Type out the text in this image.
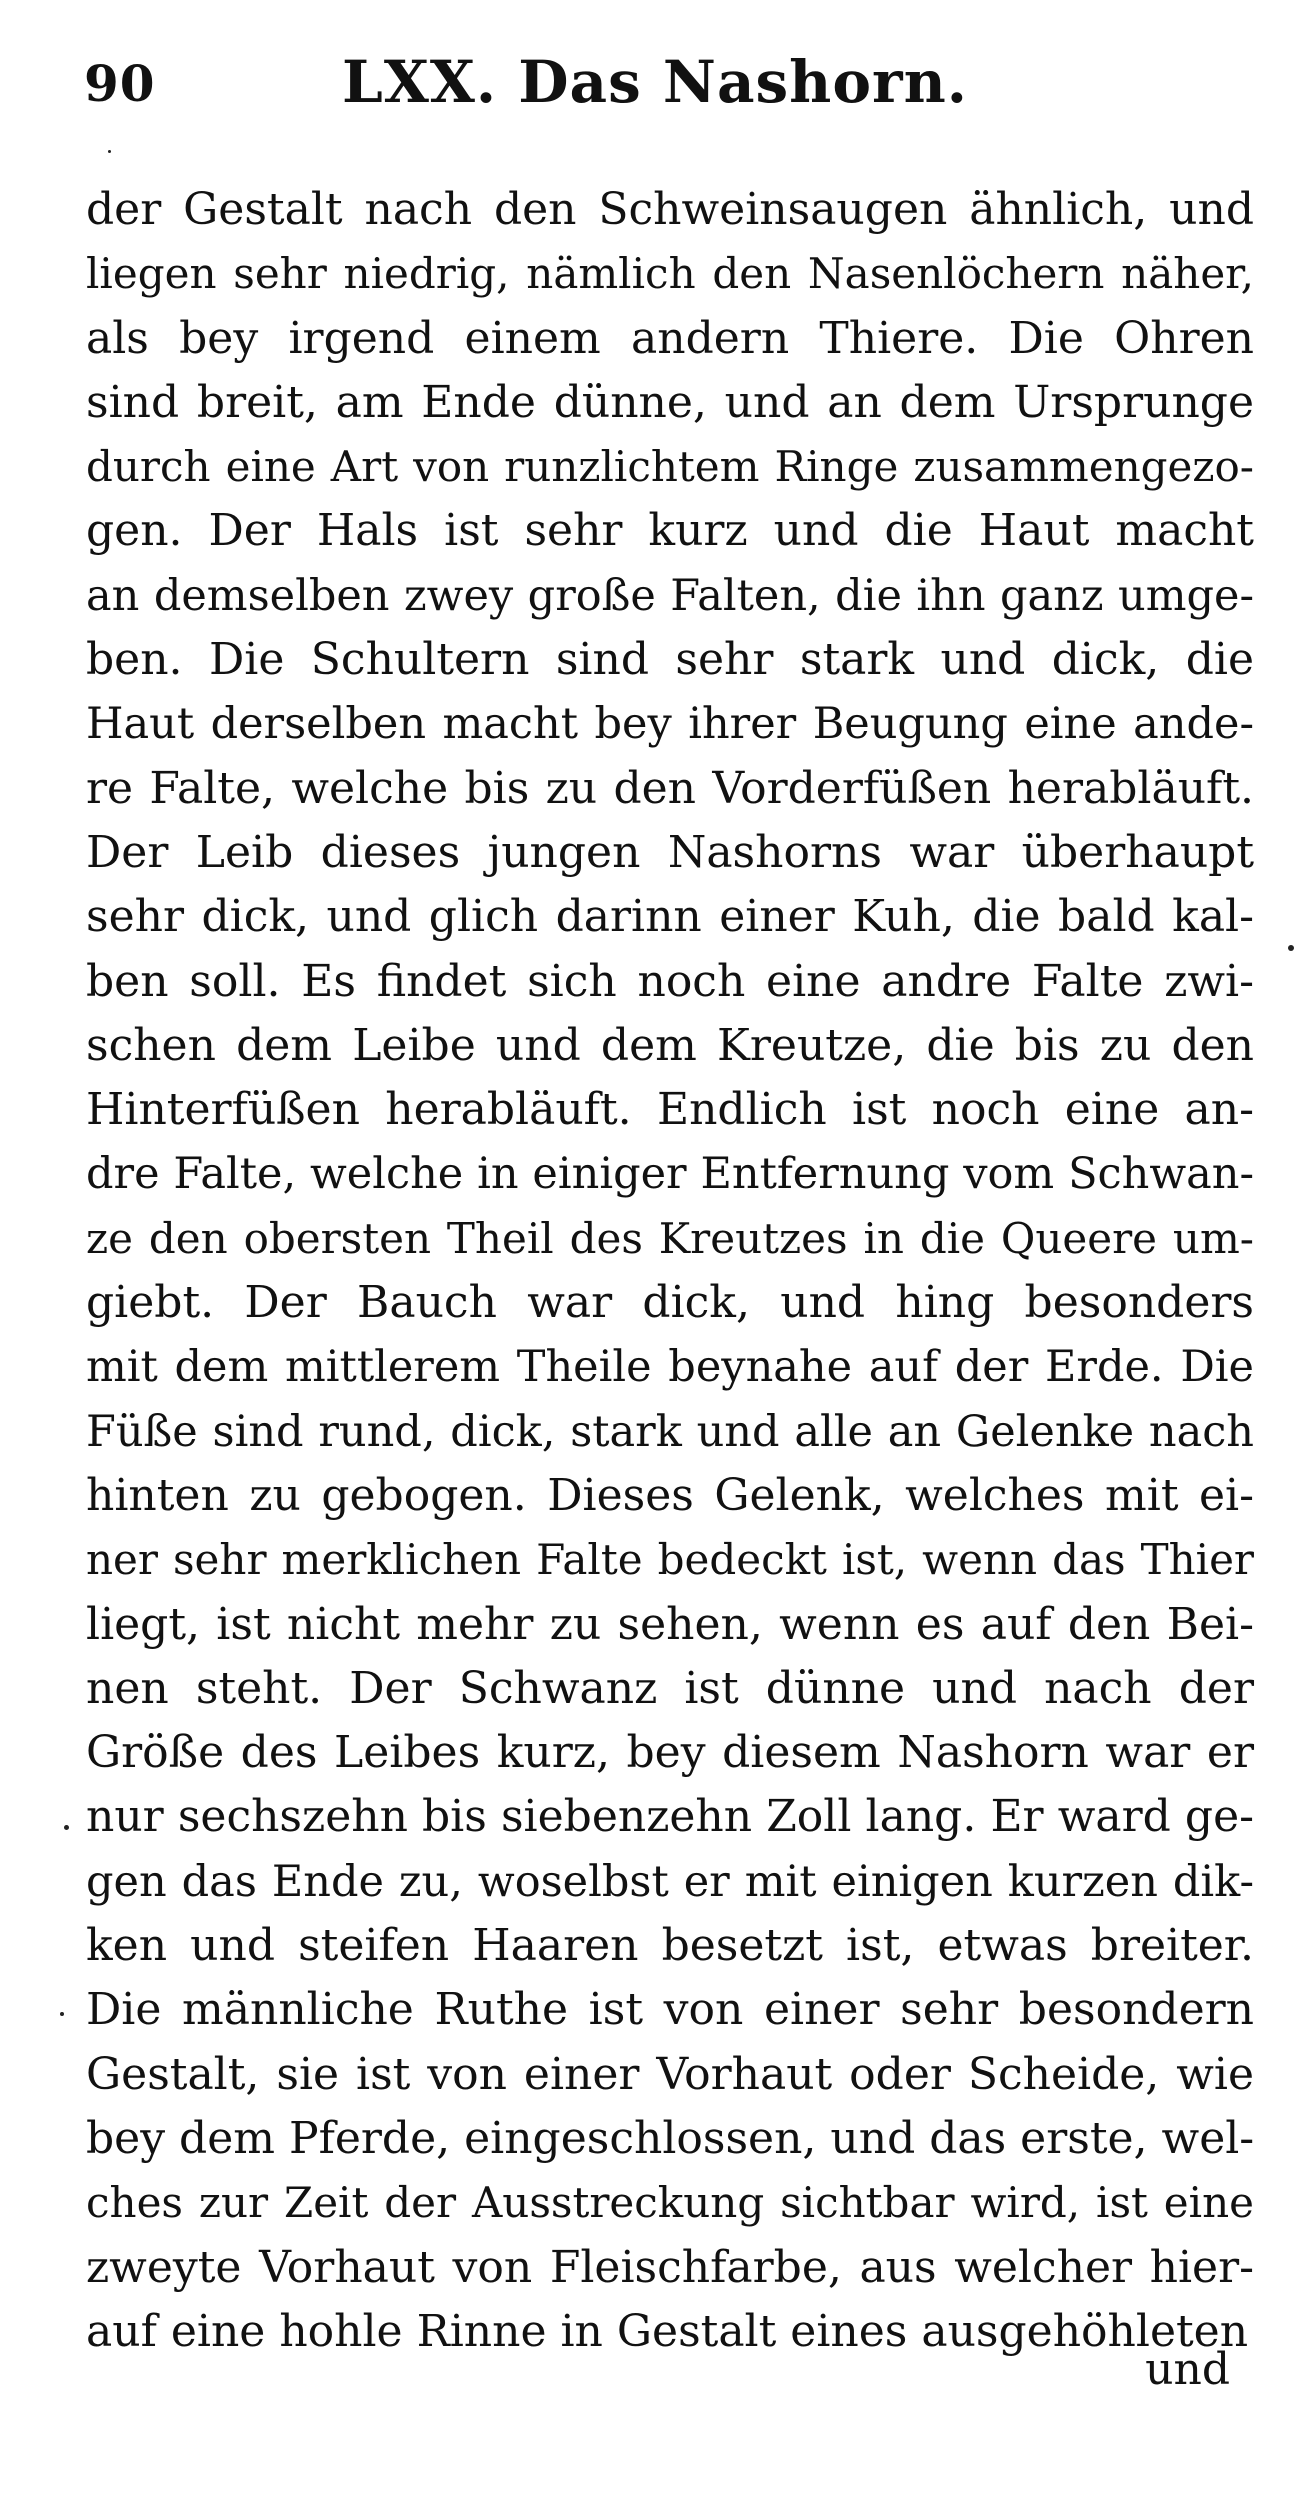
90	LXX. Das Nashorn.
der Gestalt nach den Schweinsaugen ähnlich, und
liegen sehr niedrig, nämlich den Nasenlöchern näher,
als bey irgend einem andern Thiere. Die Ohren
sind breit, am Ende dünne, und an dem Ursprunge
durch eine Art von runzlichtem Ringe zusammengezo-
gen. Der Hals ist sehr kurz und die Haut macht
an demselben zwey große Falten, die ihn ganz umge-
ben. Die Schultern sind sehr stark und dick, die
Haut derselben macht bey ihrer Beugung eine ande-
re Falte, welche bis zu den Vorderfüßen herabläuft.
Der Leib dieses jungen Nashorns war überhaupt
sehr dick, und glich darinn einer Kuh, die bald kal-
ben soll. Es findet sich noch eine andre Falte zwi-
schen dem Leibe und dem Kreutze, die bis zu den
Hinterfüßen herabläuft. Endlich ist noch eine an-
dre Falte, welche in einiger Entfernung vom Schwan-
ze den obersten Theil des Kreutzes in die Queere um-
giebt. Der Bauch war dick, und hing besonders
mit dem mittlerem Theile beynahe auf der Erde. Die
Füße sind rund, dick, stark und alle an Gelenke nach
hinten zu gebogen. Dieses Gelenk, welches mit ei-
ner sehr merklichen Falte bedeckt ist, wenn das Thier
liegt, ist nicht mehr zu sehen, wenn es auf den Bei-
nen steht. Der Schwanz ist dünne und nach der
Größe des Leibes kurz, bey diesem Nashorn war er
nur sechszehn bis siebenzehn Zoll lang. Er ward ge-
gen das Ende zu, woselbst er mit einigen kurzen dik-
ken und steifen Haaren besetzt ist, etwas breiter.
Die männliche Ruthe ist von einer sehr besondern
Gestalt, sie ist von einer Vorhaut oder Scheide, wie
bey dem Pferde, eingeschlossen, und das erste, wel-
ches zur Zeit der Ausstreckung sichtbar wird, ist eine
zweyte Vorhaut von Fleischfarbe, aus welcher hier-
auf eine hohle Rinne in Gestalt eines ausgehöhleten
und
